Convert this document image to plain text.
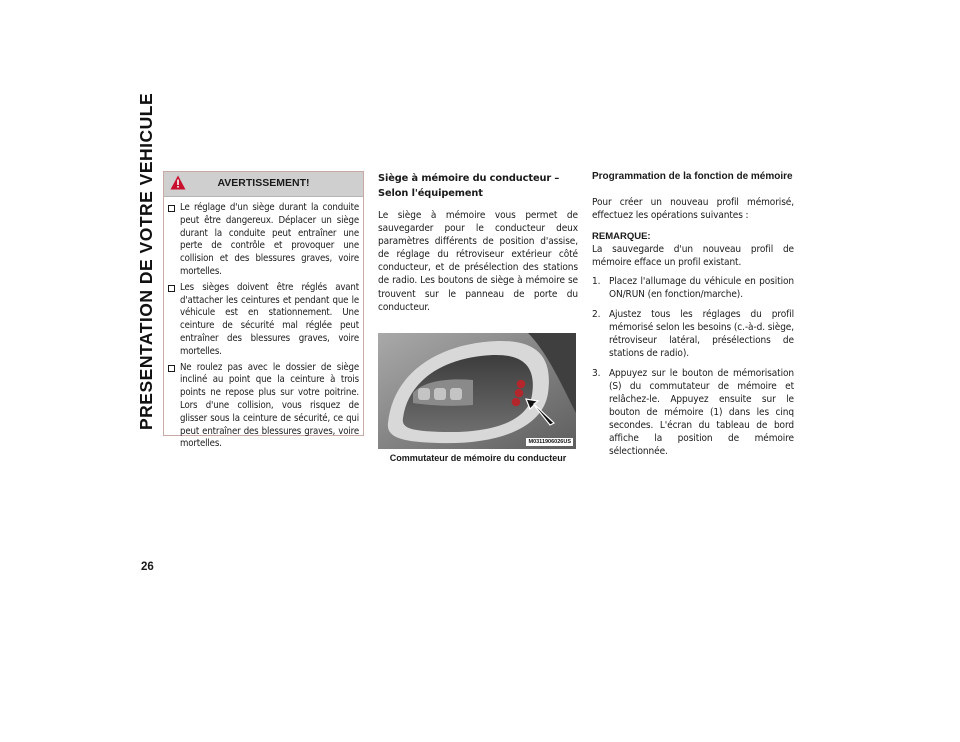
PRESENTATION DE VOTRE VEHICULE
26
AVERTISSEMENT!
Le réglage d'un siège durant la conduite peut être dangereux. Déplacer un siège durant la conduite peut entraîner une perte de contrôle et provoquer une collision et des blessures graves, voire mortelles.
Les sièges doivent être réglés avant d'attacher les ceintures et pendant que le véhicule est en stationnement. Une ceinture de sécurité mal réglée peut entraîner des blessures graves, voire mortelles.
Ne roulez pas avec le dossier de siège incliné au point que la ceinture à trois points ne repose plus sur votre poitrine. Lors d'une collision, vous risquez de glisser sous la ceinture de sécurité, ce qui peut entraîner des blessures graves, voire mortelles.
Siège à mémoire du conducteur – Selon l'équipement

Le siège à mémoire vous permet de sauvegarder pour le conducteur deux paramètres différents de position d'assise, de réglage du rétroviseur extérieur côté conducteur, et de présélection des stations de radio. Les boutons de siège à mémoire se trouvent sur le panneau de porte du conducteur.

M0311906026US
Commutateur de mémoire du conducteur
Programmation de la fonction de mémoire

Pour créer un nouveau profil mémorisé, effectuez les opérations suivantes :

REMARQUE:

La sauvegarde d'un nouveau profil de mémoire efface un profil existant.

1. Placez l'allumage du véhicule en position ON/RUN (en fonction/marche).
2. Ajustez tous les réglages du profil mémorisé selon les besoins (c.-à-d. siège, rétroviseur latéral, présélections de stations de radio).
3. Appuyez sur le bouton de mémorisation (S) du commutateur de mémoire et relâchez-le. Appuyez ensuite sur le bouton de mémoire (1) dans les cinq secondes. L'écran du tableau de bord affiche la position de mémoire sélectionnée.
